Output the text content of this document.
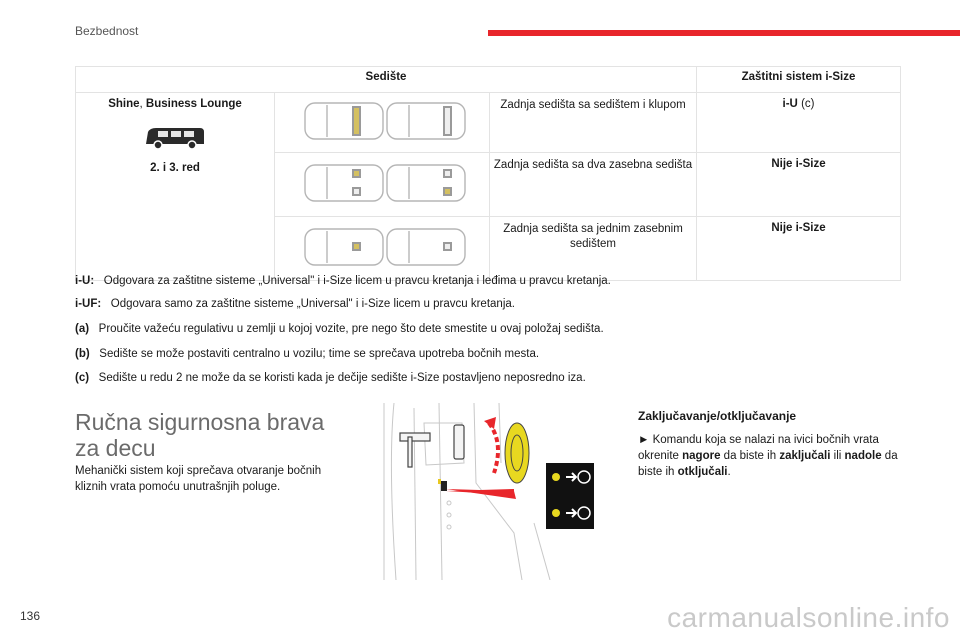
Bezbednost
Sedište			Zaštitni sistem i-Size

Shine, Business Lounge
2. i 3. red		Zadnja sedišta sa sedištem i klupom	i-U (c)
	Zadnja sedišta sa dva zasebna sedišta	Nije i-Size
	Zadnja sedišta sa jednim zasebnim sedištem	Nije i-Size
i-U: Odgovara za zaštitne sisteme „Universal" i i-Size licem u pravcu kretanja i leđima u pravcu kretanja.
i-UF: Odgovara samo za zaštitne sisteme „Universal" i i-Size licem u pravcu kretanja.
(a) Proučite važeću regulativu u zemlji u kojoj vozite, pre nego što dete smestite u ovaj položaj sedišta.
(b) Sedište se može postaviti centralno u vozilu; time se sprečava upotreba bočnih mesta.
(c) Sedište u redu 2 ne može da se koristi kada je dečije sedište i-Size postavljeno neposredno iza.
Ručna sigurnosna brava za decu
Mehanički sistem koji sprečava otvaranje bočnih kliznih vrata pomoću unutrašnjih poluge.
Zaključavanje/otključavanje
► Komandu koja se nalazi na ivici bočnih vrata okrenite nagore da biste ih zaključali ili nadole da biste ih otključali.
136	carmanualsonline.info
